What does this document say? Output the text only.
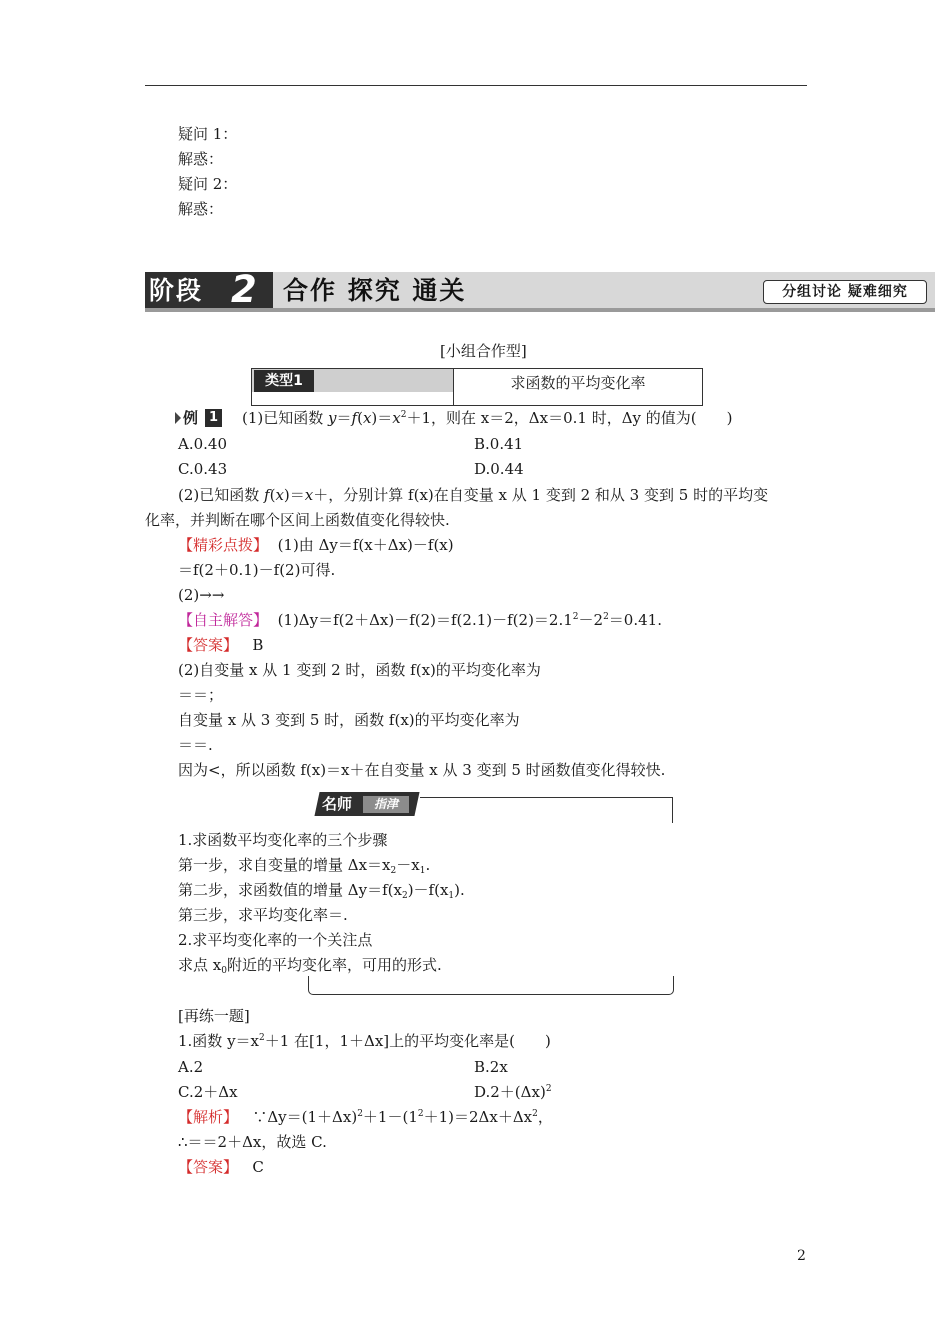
疑问 1：
解惑：
疑问 2：
解惑：
阶段 2 合作 探究 通关	分组讨论 疑难细究
[小组合作型]
类型1	求函数的平均变化率
例 1 (1)已知函数 $y=f(x)=x^2+1$，则在 x＝2，Δx＝0.1 时，Δy 的值为(　　)
A.0.40	B.0.41
C.0.43	D.0.44
(2)已知函数 f(x)＝x＋，分别计算 f(x)在自变量 x 从 1 变到 2 和从 3 变到 5 时的平均变
化率，并判断在哪个区间上函数值变化得较快.
【精彩点拨】 (1)由 Δy＝f(x＋Δx)－f(x)
＝f(2＋0.1)－f(2)可得.
(2)→→
【自主解答】 $(1)\Delta y=f(2+\Delta x)-f(2)=f(2.1)-f(2)=2.1^2-2^2=0.41$.
【答案】 B
(2)自变量 x 从 1 变到 2 时，函数 f(x)的平均变化率为
＝＝；
自变量 x 从 3 变到 5 时，函数 f(x)的平均变化率为
＝＝.
因为<，所以函数 f(x)＝x＋在自变量 x 从 3 变到 5 时函数值变化得较快.
名师	指津
1.求函数平均变化率的三个步骤
第一步，求自变量的增量 $\Delta x=x_2-x_1$.
第二步，求函数值的增量 $\Delta y=f(x_2)-f(x_1)$.
第三步，求平均变化率＝.
2.求平均变化率的一个关注点
求点 $x_0$附近的平均变化率，可用的形式.
[再练一题]
1.函数 $y=x^2+1$ 在[1，1＋Δx]上的平均变化率是(　　)
A.2	B.2x
C.2＋Δx	$D.2+(\Delta x)^2$
【解析】 $\because\Delta y=(1+\Delta x)^2+1-(1^2+1)=2\Delta x+\Delta x^2$，
∴＝＝2＋Δx，故选 C.
【答案】 C
2
